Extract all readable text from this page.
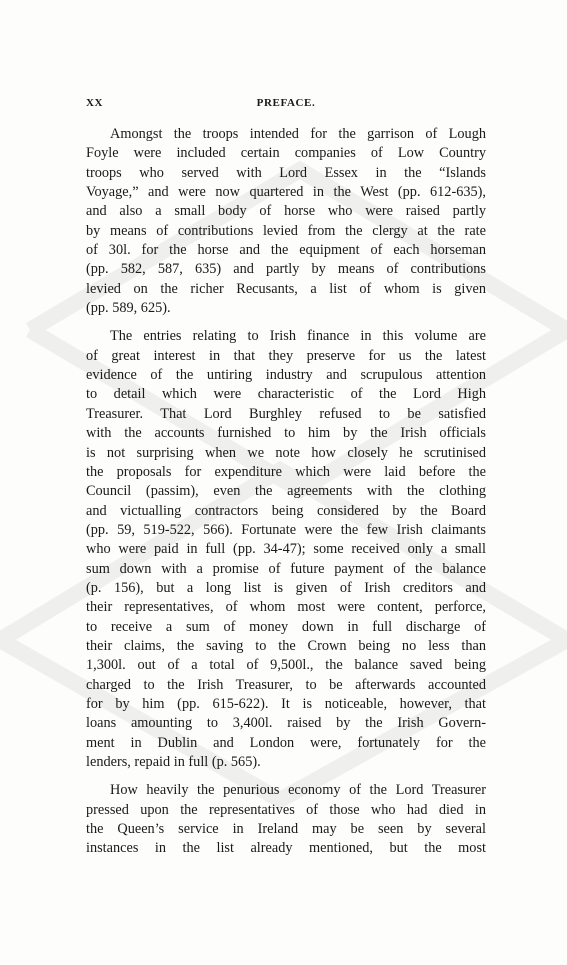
XX	PREFACE.
Amongst the troops intended for the garrison of Lough
Foyle were included certain companies of Low Country
troops who served with Lord Essex in the “Islands
Voyage,” and were now quartered in the West (pp. 612-635),
and also a small body of horse who were raised partly
by means of contributions levied from the clergy at the rate
of 30l. for the horse and the equipment of each horseman
(pp. 582, 587, 635) and partly by means of contributions
levied on the richer Recusants, a list of whom is given
(pp. 589, 625).
The entries relating to Irish finance in this volume are
of great interest in that they preserve for us the latest
evidence of the untiring industry and scrupulous attention
to detail which were characteristic of the Lord High
Treasurer. That Lord Burghley refused to be satisfied
with the accounts furnished to him by the Irish officials
is not surprising when we note how closely he scrutinised
the proposals for expenditure which were laid before the
Council (passim), even the agreements with the clothing
and victualling contractors being considered by the Board
(pp. 59, 519-522, 566). Fortunate were the few Irish claimants
who were paid in full (pp. 34-47); some received only a small
sum down with a promise of future payment of the balance
(p. 156), but a long list is given of Irish creditors and
their representatives, of whom most were content, perforce,
to receive a sum of money down in full discharge of
their claims, the saving to the Crown being no less than
1,300l. out of a total of 9,500l., the balance saved being
charged to the Irish Treasurer, to be afterwards accounted
for by him (pp. 615-622). It is noticeable, however, that
loans amounting to 3,400l. raised by the Irish Govern-
ment in Dublin and London were, fortunately for the
lenders, repaid in full (p. 565).
How heavily the penurious economy of the Lord Treasurer
pressed upon the representatives of those who had died in
the Queen’s service in Ireland may be seen by several
instances in the list already mentioned, but the most
